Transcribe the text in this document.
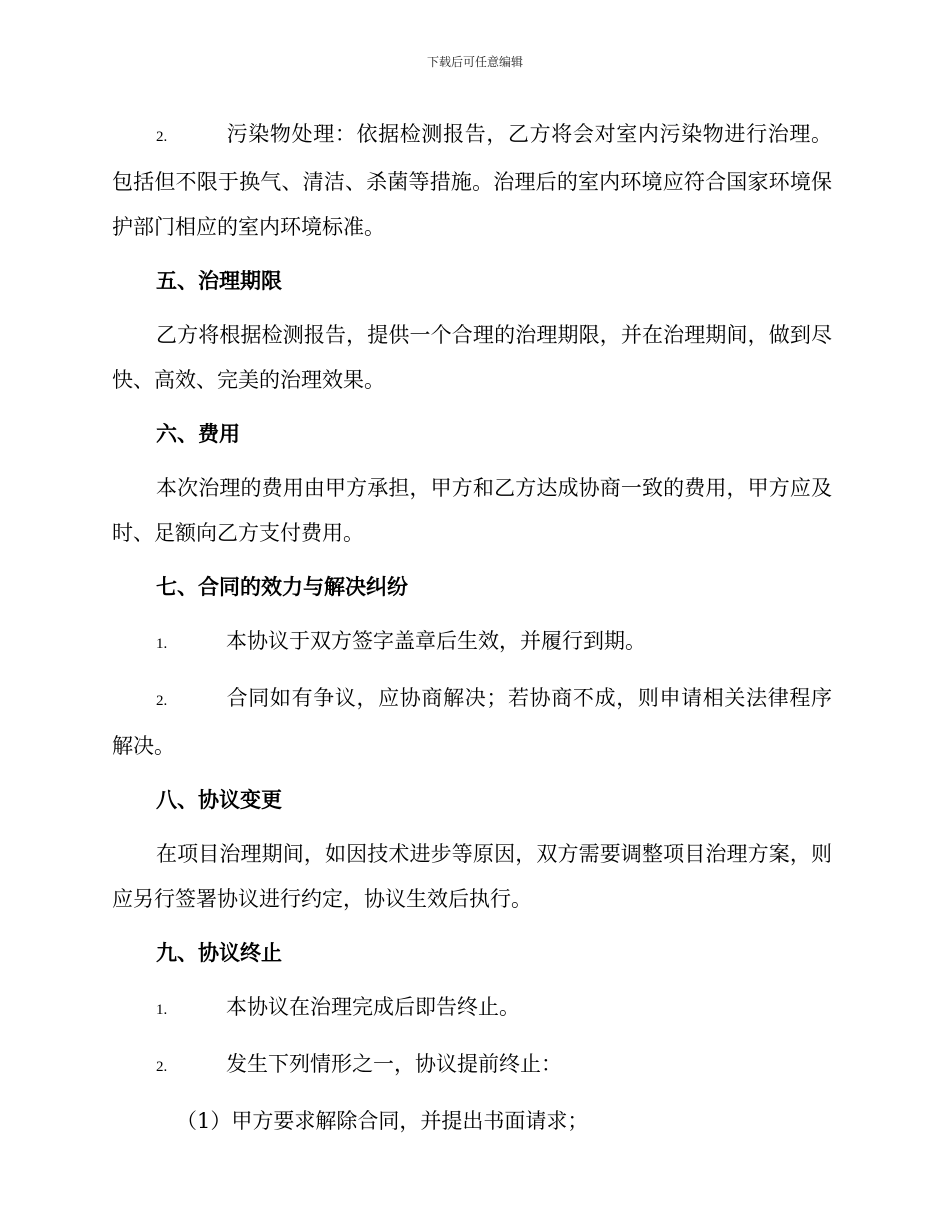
下载后可任意编辑

2.	污染物处理：依据检测报告，乙方将会对室内污染物进行治理。包括但不限于换气、清洁、杀菌等措施。治理后的室内环境应符合国家环境保护部门相应的室内环境标准。

五、治理期限

乙方将根据检测报告，提供一个合理的治理期限，并在治理期间，做到尽快、高效、完美的治理效果。

六、费用

本次治理的费用由甲方承担，甲方和乙方达成协商一致的费用，甲方应及时、足额向乙方支付费用。

七、合同的效力与解决纠纷

1.	本协议于双方签字盖章后生效，并履行到期。

2.	合同如有争议，应协商解决；若协商不成，则申请相关法律程序解决。

八、协议变更

在项目治理期间，如因技术进步等原因，双方需要调整项目治理方案，则应另行签署协议进行约定，协议生效后执行。

九、协议终止

1.	本协议在治理完成后即告终止。

2.	发生下列情形之一，协议提前终止：

（1）甲方要求解除合同，并提出书面请求；
